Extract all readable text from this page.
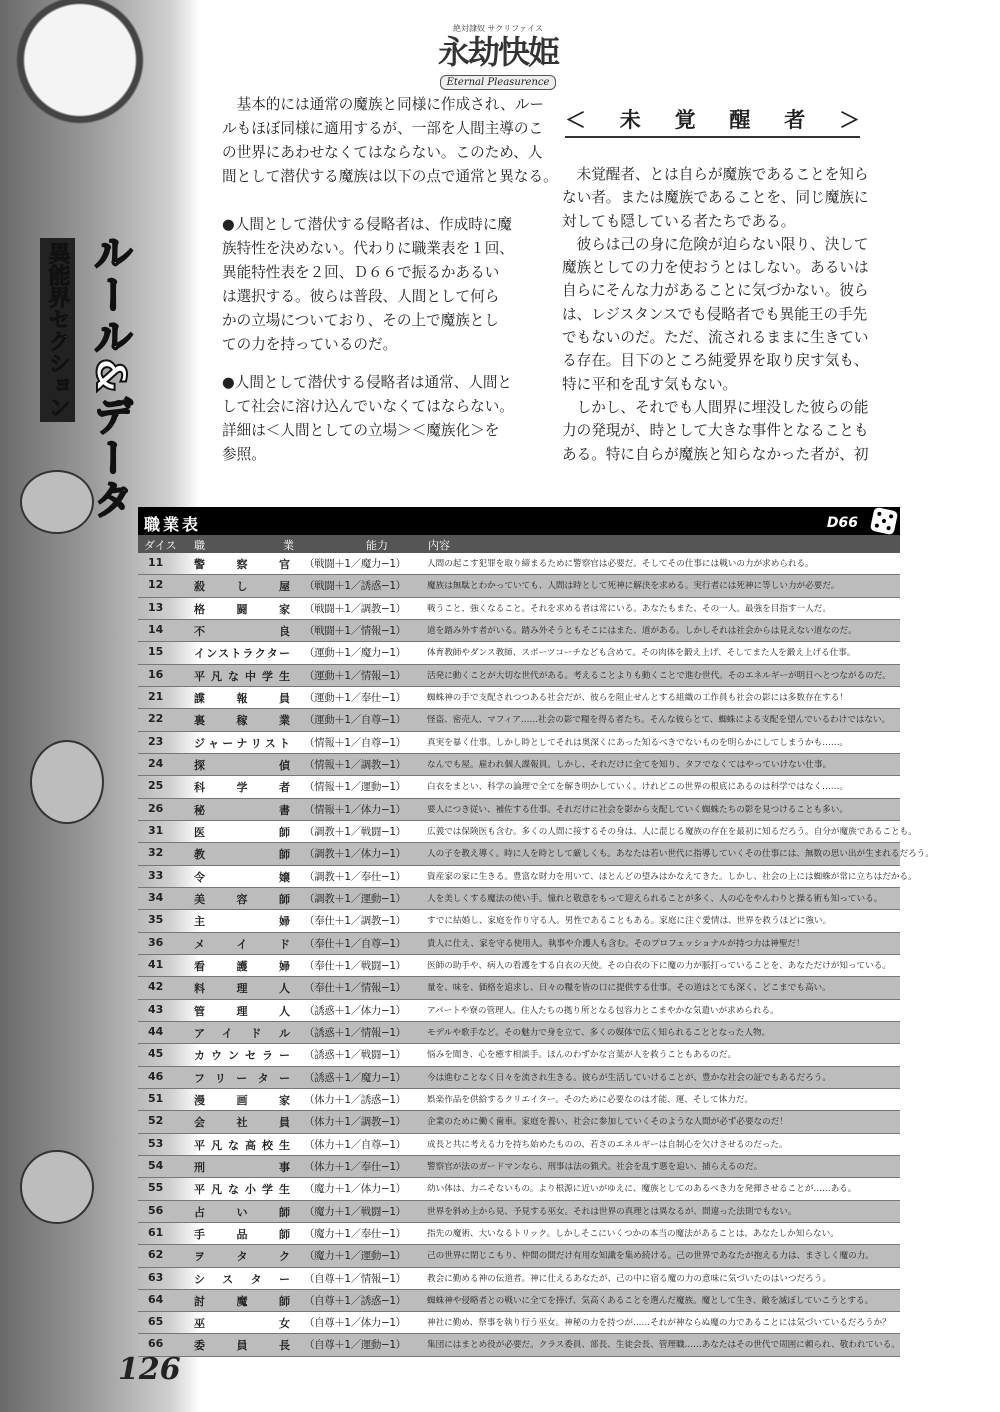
ルール&データ
異能界セクション
絶対隷奴 サクリファイス
永劫快姫
Eternal Pleasurence
　基本的には通常の魔族と同様に作成され、ルー
ルもほぼ同様に適用するが、一部を人間主導のこ
の世界にあわせなくてはならない。このため、人
間として潜伏する魔族は以下の点で通常と異なる。
●人間として潜伏する侵略者は、作成時に魔
族特性を決めない。代わりに職業表を１回、
異能特性表を２回、Ｄ６６で振るかあるい
は選択する。彼らは普段、人間として何ら
かの立場についており、その上で魔族とし
ての力を持っているのだ。
●人間として潜伏する侵略者は通常、人間と
して社会に溶け込んでいなくてはならない。
詳細は＜人間としての立場＞＜魔族化＞を
参照。
＜ 未 覚 醒 者 ＞
　未覚醒者、とは自らが魔族であることを知ら
ない者。または魔族であることを、同じ魔族に
対しても隠している者たちである。
　彼らは己の身に危険が迫らない限り、決して
魔族としての力を使おうとはしない。あるいは
自らにそんな力があることに気づかない。彼ら
は、レジスタンスでも侵略者でも異能王の手先
でもないのだ。ただ、流されるままに生きてい
る存在。目下のところ純愛界を取り戻す気も、
特に平和を乱す気もない。
　しかし、それでも人間界に埋没した彼らの能
力の発現が、時として大きな事件となることも
ある。特に自らが魔族と知らなかった者が、初
職業表	D66
ダイス 職	業	能力	内容
11	警察官 （戦闘＋1／魔力−1） 人間の起こす犯罪を取り締まるために警察官は必要だ。そしてその仕事には戦いの力が求められる。
12	殺し屋 （戦闘＋1／誘惑−1） 魔族は無駄とわかっていても、人間は時として死神に解決を求める。実行者には死神に等しい力が必要だ。
13	格闘家 （戦闘＋1／調教−1） 戦うこと、強くなること。それを求める者は常にいる。あなたもまた、その一人。最強を目指す一人だ。
14	不　良 （戦闘＋1／情報−1） 道を踏み外す者がいる。踏み外そうともそこにはまた、道がある。しかしそれは社会からは見えない道なのだ。
15	インストラクター （運動＋1／魔力−1） 体育教師やダンス教師、スポーツコーチなども含めて。その肉体を鍛え上げ、そしてまた人を鍛え上げる仕事。
16	平凡な中学生 （運動＋1／情報−1） 活発に動くことが大切な世代がある。考えることよりも動くことで進む世代。そのエネルギーが明日へとつながるのだ。
21	諜報員 （運動＋1／奉仕−1） 蜘蛛神の手で支配されつつある社会だが、彼らを阻止せんとする組織の工作員も社会の影には多数存在する！
22	裏稼業 （運動＋1／自尊−1） 怪盗、密売人、マフィア……社会の影で糧を得る者たち。そんな彼らとて、蜘蛛による支配を望んでいるわけではない。
23	ジャーナリスト （情報＋1／自尊−1） 真実を暴く仕事。しかし時としてそれは奥深くにあった知るべきでないものを明らかにしてしまうかも……。
24	探　偵 （情報＋1／調教−1） なんでも屋。雇われ個人諜報員。しかし、それだけに全てを知り、タフでなくてはやっていけない仕事。
25	科学者 （情報＋1／運動−1） 白衣をまとい、科学の論理で全てを解き明かしていく。けれどこの世界の根底にあるのは科学ではなく……。
26	秘書 （情報＋1／体力−1） 要人につき従い、補佐する仕事。それだけに社会を影から支配していく蜘蛛たちの影を見つけることも多い。
31	医師 （調教＋1／戦闘−1） 広義では保険医も含む。多くの人間に接するその身は、人に混じる魔族の存在を最初に知るだろう。自分が魔族であることも。
32	教師 （調教＋1／体力−1） 人の子を教え導く。時に人を時として厳しくも。あなたは若い世代に指導していくその仕事には、無数の思い出が生まれるだろう。
33	令嬢 （調教＋1／奉仕−1） 資産家の家に生きる。豊富な財力を用いて、ほとんどの望みはかなえてきた。しかし、社会の上には蜘蛛が常に立ちはだかる。
34	美容師 （調教＋1／運動−1） 人を美しくする魔法の使い手。憧れと敬意をもって迎えられることが多く、人の心をやんわりと操る術も知っている。
35	主婦 （奉仕＋1／調教−1） すでに結婚し、家庭を作り守る人。男性であることもある。家庭に注ぐ愛情は、世界を救うほどに強い。
36	メイド （奉仕＋1／自尊−1） 貴人に仕え、家を守る使用人。執事や介護人も含む。そのプロフェッショナルが持つ力は神聖だ！
41	看護婦 （奉仕＋1／戦闘−1） 医師の助手や、病人の看護をする白衣の天使。その白衣の下に魔の力が脈打っていることを、あなただけが知っている。
42	料理人 （奉仕＋1／情報−1） 量を、味を、価格を追求し、日々の糧を皆の口に提供する仕事。その道はとても深く、どこまでも高い。
43	管理人 （誘惑＋1／体力−1） アパートや寮の管理人。住人たちの拠り所となる包容力とこまやかな気遣いが求められる。
44	アイドル （誘惑＋1／情報−1） モデルや歌手など。その魅力で身を立て、多くの媒体で広く知られることとなった人物。
45	カウンセラー （誘惑＋1／戦闘−1） 悩みを聞き、心を癒す相談手。ほんのわずかな言葉が人を救うこともあるのだ。
46	フリーター （誘惑＋1／魔力−1） 今は進むことなく日々を流され生きる。彼らが生活していけることが、豊かな社会の証でもあるだろう。
51	漫画家 （体力＋1／誘惑−1） 娯楽作品を供給するクリエイター。そのために必要なのは才能、運、そして体力だ。
52	会社員 （体力＋1／調教−1） 企業のために働く歯車。家庭を養い、社会に参加していくそのような人間が必ず必要なのだ！
53	平凡な高校生 （体力＋1／自尊−1） 成長と共に考える力を持ち始めたものの、若さのエネルギーは自制心を欠けさせるのだった。
54	刑事 （体力＋1／奉仕−1） 警察官が法のガードマンなら、刑事は法の猟犬。社会を乱す悪を追い、捕らえるのだ。
55	平凡な小学生 （魔力＋1／体力−1） 幼い体は、力ニそないもの。より根源に近いがゆえに、魔族としてのあるべき力を発揮させることが……ある。
56	占い師 （魔力＋1／戦闘−1） 世界を斜め上から見、予見する巫女。それは世界の真理とは異なるが、間違った法則でもない。
61	手品師 （魔力＋1／奉仕−1） 指先の魔術、大いなるトリック。しかしそこにいくつかの本当の魔法があることは、あなたしか知らない。
62	ヲタク （魔力＋1／運動−1） 己の世界に閉じこもり、仲間の間だけ有用な知識を集め続ける。己の世界であなたが抱える力は、まさしく魔の力。
63	シスター （自尊＋1／情報−1） 教会に勤める神の伝道者。神に仕えるあなたが、己の中に宿る魔の力の意味に気づいたのはいつだろう。
64	討魔師 （自尊＋1／誘惑−1） 蜘蛛神や侵略者との戦いに全てを捧げ、気高くあることを選んだ魔族。魔として生き、敵を滅ぼしていこうとする。
65	巫女 （自尊＋1／体力−1） 神社に勤め、祭事を執り行う巫女。神秘の力を持つが……それが神ならぬ魔の力であることには気づいているだろうか？
66	委員長 （自尊＋1／運動−1） 集団にはまとめ役が必要だ。クラス委員、部長、生徒会長、管理職……あなたはその世代で周囲に頼られ、敬われている。
126
